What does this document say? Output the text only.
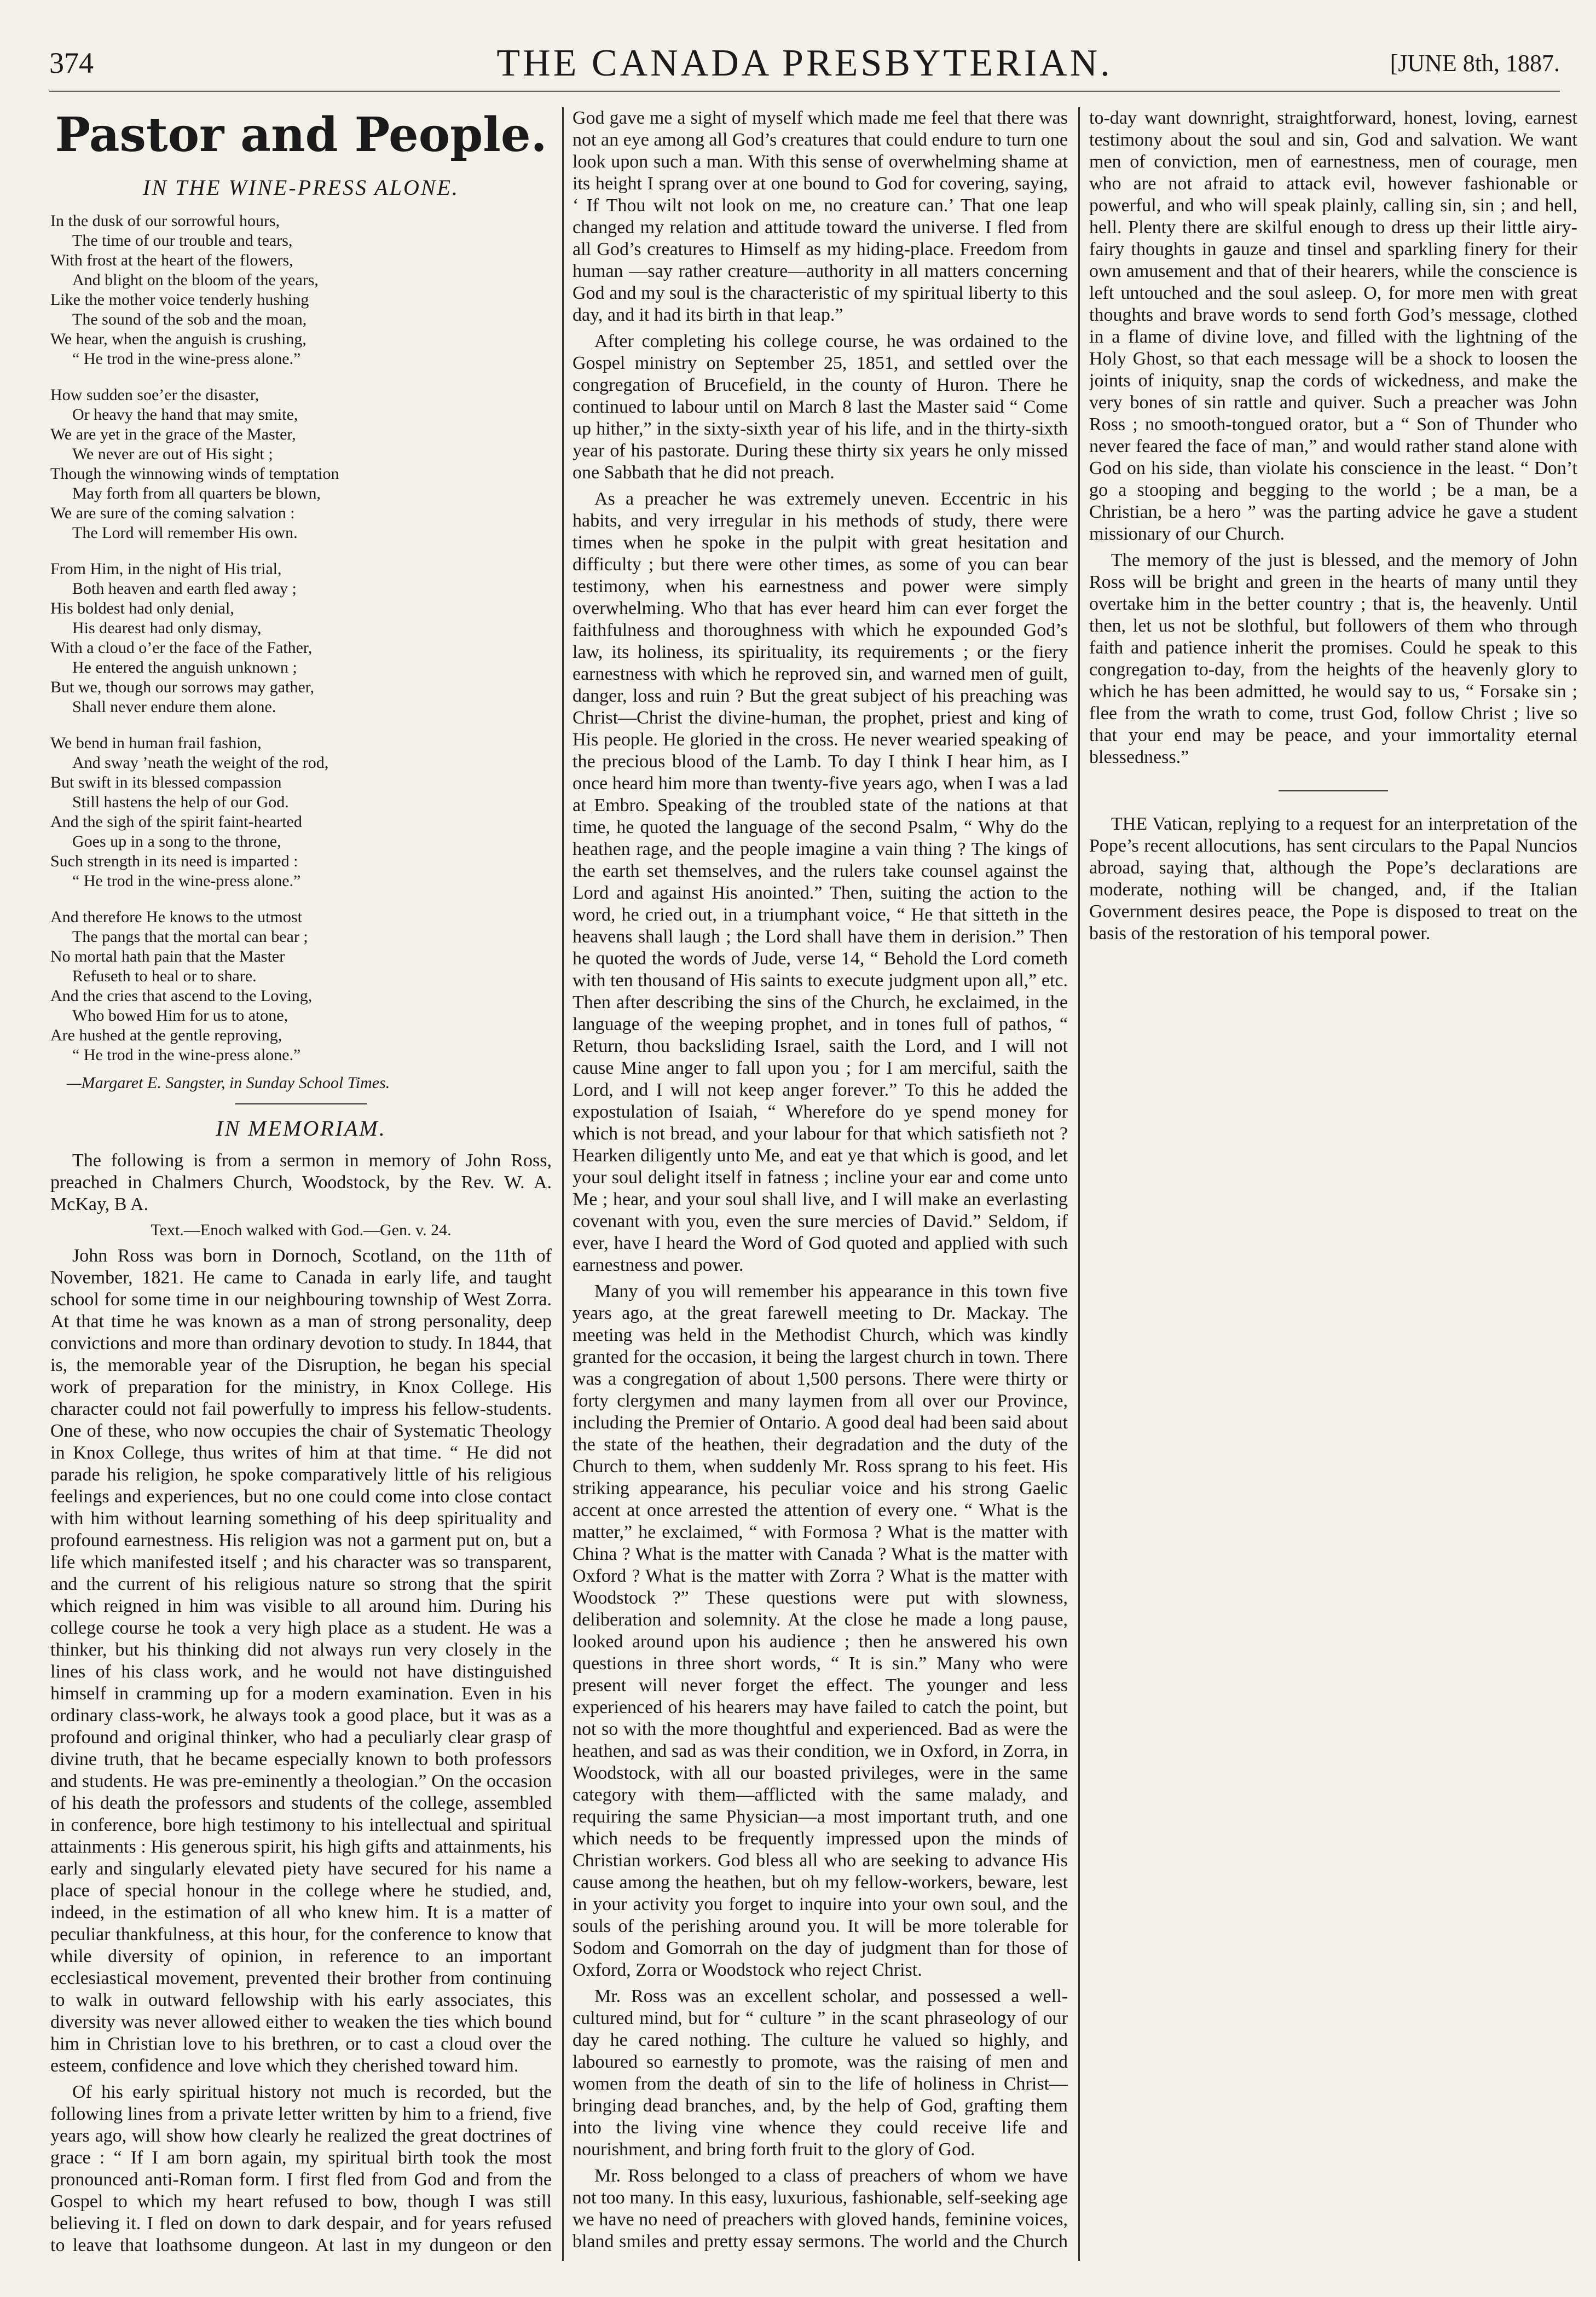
374	THE CANADA PRESBYTERIAN.	[JUNE 8th, 1887.
Pastor and People.
IN THE WINE-PRESS ALONE.
In the dusk of our sorrowful hours,
The time of our trouble and tears,
With frost at the heart of the flowers,
And blight on the bloom of the years,
Like the mother voice tenderly hushing
The sound of the sob and the moan,
We hear, when the anguish is crushing,
“ He trod in the wine-press alone.”
How sudden soe’er the disaster,
Or heavy the hand that may smite,
We are yet in the grace of the Master,
We never are out of His sight ;
Though the winnowing winds of temptation
May forth from all quarters be blown,
We are sure of the coming salvation :
The Lord will remember His own.
From Him, in the night of His trial,
Both heaven and earth fled away ;
His boldest had only denial,
His dearest had only dismay,
With a cloud o’er the face of the Father,
He entered the anguish unknown ;
But we, though our sorrows may gather,
Shall never endure them alone.
We bend in human frail fashion,
And sway ’neath the weight of the rod,
But swift in its blessed compassion
Still hastens the help of our God.
And the sigh of the spirit faint-hearted
Goes up in a song to the throne,
Such strength in its need is imparted :
“ He trod in the wine-press alone.”
And therefore He knows to the utmost
The pangs that the mortal can bear ;
No mortal hath pain that the Master
Refuseth to heal or to share.
And the cries that ascend to the Loving,
Who bowed Him for us to atone,
Are hushed at the gentle reproving,
“ He trod in the wine-press alone.”
—Margaret E. Sangster, in Sunday School Times.
IN MEMORIAM.
The following is from a sermon in memory of John Ross, preached in Chalmers Church, Woodstock, by the Rev. W. A. McKay, B A.
Text.—Enoch walked with God.—Gen. v. 24.

John Ross was born in Dornoch, Scotland, on the 11th of November, 1821. He came to Canada in early life, and taught school for some time in our neighbouring township of West Zorra. At that time he was known as a man of strong personality, deep convictions and more than ordinary devotion to study. In 1844, that is, the memorable year of the Disruption, he began his special work of preparation for the ministry, in Knox College. His character could not fail powerfully to impress his fellow-students. One of these, who now occupies the chair of Systematic Theology in Knox College, thus writes of him at that time. “ He did not parade his religion, he spoke comparatively little of his religious feelings and experiences, but no one could come into close contact with him without learning something of his deep spirituality and profound earnestness. His religion was not a garment put on, but a life which manifested itself ; and his character was so transparent, and the current of his religious nature so strong that the spirit which reigned in him was visible to all around him. During his college course he took a very high place as a student. He was a thinker, but his thinking did not always run very closely in the lines of his class work, and he would not have distinguished himself in cramming up for a modern examination. Even in his ordinary class-work, he always took a good place, but it was as a profound and original thinker, who had a peculiarly clear grasp of divine truth, that he became especially known to both professors and students. He was pre-eminently a theologian.” On the occasion of his death the professors and students of the college, assembled in conference, bore high testimony to his intellectual and spiritual attainments : His generous spirit, his high gifts and attainments, his early and singularly elevated piety have secured for his name a place of special honour in the college where he studied, and, indeed, in the estimation of all who knew him. It is a matter of peculiar thankfulness, at this hour, for the conference to know that while diversity of opinion, in reference to an important ecclesiastical movement, prevented their brother from continuing to walk in outward fellowship with his early associates, this diversity was never allowed either to weaken the ties which bound him in Christian love to his brethren, or to cast a cloud over the esteem, confidence and love which they cherished toward him.

Of his early spiritual history not much is recorded, but the following lines from a private letter written by him to a friend, five years ago, will show how clearly he realized the great doctrines of grace : “ If I am born again, my spiritual birth took the most pronounced anti-Roman form. I first fled from God and from the Gospel to which my heart refused to bow, though I was still believing it. I fled on down to dark despair, and for years refused to leave that loathsome dungeon. At last in my dungeon or den

God gave me a sight of myself which made me feel that there was not an eye among all God’s creatures that could endure to turn one look upon such a man. With this sense of overwhelming shame at its height I sprang over at one bound to God for covering, saying, ‘ If Thou wilt not look on me, no creature can.’ That one leap changed my relation and attitude toward the universe. I fled from all God’s creatures to Himself as my hiding-place. Freedom from human —say rather creature—authority in all matters concerning God and my soul is the characteristic of my spiritual liberty to this day, and it had its birth in that leap.”

After completing his college course, he was ordained to the Gospel ministry on September 25, 1851, and settled over the congregation of Brucefield, in the county of Huron. There he continued to labour until on March 8 last the Master said “ Come up hither,” in the sixty-sixth year of his life, and in the thirty-sixth year of his pastorate. During these thirty six years he only missed one Sabbath that he did not preach.

As a preacher he was extremely uneven. Eccentric in his habits, and very irregular in his methods of study, there were times when he spoke in the pulpit with great hesitation and difficulty ; but there were other times, as some of you can bear testimony, when his earnestness and power were simply overwhelming. Who that has ever heard him can ever forget the faithfulness and thoroughness with which he expounded God’s law, its holiness, its spirituality, its requirements ; or the fiery earnestness with which he reproved sin, and warned men of guilt, danger, loss and ruin ? But the great subject of his preaching was Christ—Christ the divine-human, the prophet, priest and king of His people. He gloried in the cross. He never wearied speaking of the precious blood of the Lamb. To day I think I hear him, as I once heard him more than twenty-five years ago, when I was a lad at Embro. Speaking of the troubled state of the nations at that time, he quoted the language of the second Psalm, “ Why do the heathen rage, and the people imagine a vain thing ? The kings of the earth set themselves, and the rulers take counsel against the Lord and against His anointed.” Then, suiting the action to the word, he cried out, in a triumphant voice, “ He that sitteth in the heavens shall laugh ; the Lord shall have them in derision.” Then he quoted the words of Jude, verse 14, “ Behold the Lord cometh with ten thousand of His saints to execute judgment upon all,” etc. Then after describing the sins of the Church, he exclaimed, in the language of the weeping prophet, and in tones full of pathos, “ Return, thou backsliding Israel, saith the Lord, and I will not cause Mine anger to fall upon you ; for I am merciful, saith the Lord, and I will not keep anger forever.” To this he added the expostulation of Isaiah, “ Wherefore do ye spend money for which is not bread, and your labour for that which satisfieth not ? Hearken diligently unto Me, and eat ye that which is good, and let your soul delight itself in fatness ; incline your ear and come unto Me ; hear, and your soul shall live, and I will make an everlasting covenant with you, even the sure mercies of David.” Seldom, if ever, have I heard the Word of God quoted and applied with such earnestness and power.

Many of you will remember his appearance in this town five years ago, at the great farewell meeting to Dr. Mackay. The meeting was held in the Methodist Church, which was kindly granted for the occasion, it being the largest church in town. There was a congregation of about 1,500 persons. There were thirty or forty clergymen and many laymen from all over our Province, including the Premier of Ontario. A good deal had been said about the state of the heathen, their degradation and the duty of the Church to them, when suddenly Mr. Ross sprang to his feet. His striking appearance, his peculiar voice and his strong Gaelic accent at once arrested the attention of every one. “ What is the matter,” he exclaimed, “ with Formosa ? What is the matter with China ? What is the matter with Canada ? What is the matter with Oxford ? What is the matter with Zorra ? What is the matter with Woodstock ?” These questions were put with slowness, deliberation and solemnity. At the close he made a long pause, looked around upon his audience ; then he answered his own questions in three short words, “ It is sin.” Many who were present will never forget the effect. The younger and less experienced of his hearers may have failed to catch the point, but not so with the more thoughtful and experienced. Bad as were the heathen, and sad as was their condition, we in Oxford, in Zorra, in Woodstock, with all our boasted privileges, were in the same category with them—afflicted with the same malady, and requiring the same Physician—a most important truth, and one which needs to be frequently impressed upon the minds of Christian workers. God bless all who are seeking to advance His cause among the heathen, but oh my fellow-workers, beware, lest in your activity you forget to inquire into your own soul, and the souls of the perishing around you. It will be more tolerable for Sodom and Gomorrah on the day of judgment than for those of Oxford, Zorra or Woodstock who reject Christ.

Mr. Ross was an excellent scholar, and possessed a well-cultured mind, but for “ culture ” in the scant phraseology of our day he cared nothing. The culture he valued so highly, and laboured so earnestly to promote, was the raising of men and women from the death of sin to the life of holiness in Christ—bringing dead branches, and, by the help of God, grafting them into the living vine whence they could receive life and nourishment, and bring forth fruit to the glory of God.

Mr. Ross belonged to a class of preachers of whom we have not too many. In this easy, luxurious, fashionable, self-seeking age we have no need of preachers with gloved hands, feminine voices, bland smiles and pretty essay sermons. The world and the Church

to-day want downright, straightforward, honest, loving, earnest testimony about the soul and sin, God and salvation. We want men of conviction, men of earnestness, men of courage, men who are not afraid to attack evil, however fashionable or powerful, and who will speak plainly, calling sin, sin ; and hell, hell. Plenty there are skilful enough to dress up their little airy-fairy thoughts in gauze and tinsel and sparkling finery for their own amusement and that of their hearers, while the conscience is left untouched and the soul asleep. O, for more men with great thoughts and brave words to send forth God’s message, clothed in a flame of divine love, and filled with the lightning of the Holy Ghost, so that each message will be a shock to loosen the joints of iniquity, snap the cords of wickedness, and make the very bones of sin rattle and quiver. Such a preacher was John Ross ; no smooth-tongued orator, but a “ Son of Thunder who never feared the face of man,” and would rather stand alone with God on his side, than violate his conscience in the least. “ Don’t go a stooping and begging to the world ; be a man, be a Christian, be a hero ” was the parting advice he gave a student missionary of our Church.

The memory of the just is blessed, and the memory of John Ross will be bright and green in the hearts of many until they overtake him in the better country ; that is, the heavenly. Until then, let us not be slothful, but followers of them who through faith and patience inherit the promises. Could he speak to this congregation to-day, from the heights of the heavenly glory to which he has been admitted, he would say to us, “ Forsake sin ; flee from the wrath to come, trust God, follow Christ ; live so that your end may be peace, and your immortality eternal blessedness.”

THE Vatican, replying to a request for an interpretation of the Pope’s recent allocutions, has sent circulars to the Papal Nuncios abroad, saying that, although the Pope’s declarations are moderate, nothing will be changed, and, if the Italian Government desires peace, the Pope is disposed to treat on the basis of the restoration of his temporal power.
